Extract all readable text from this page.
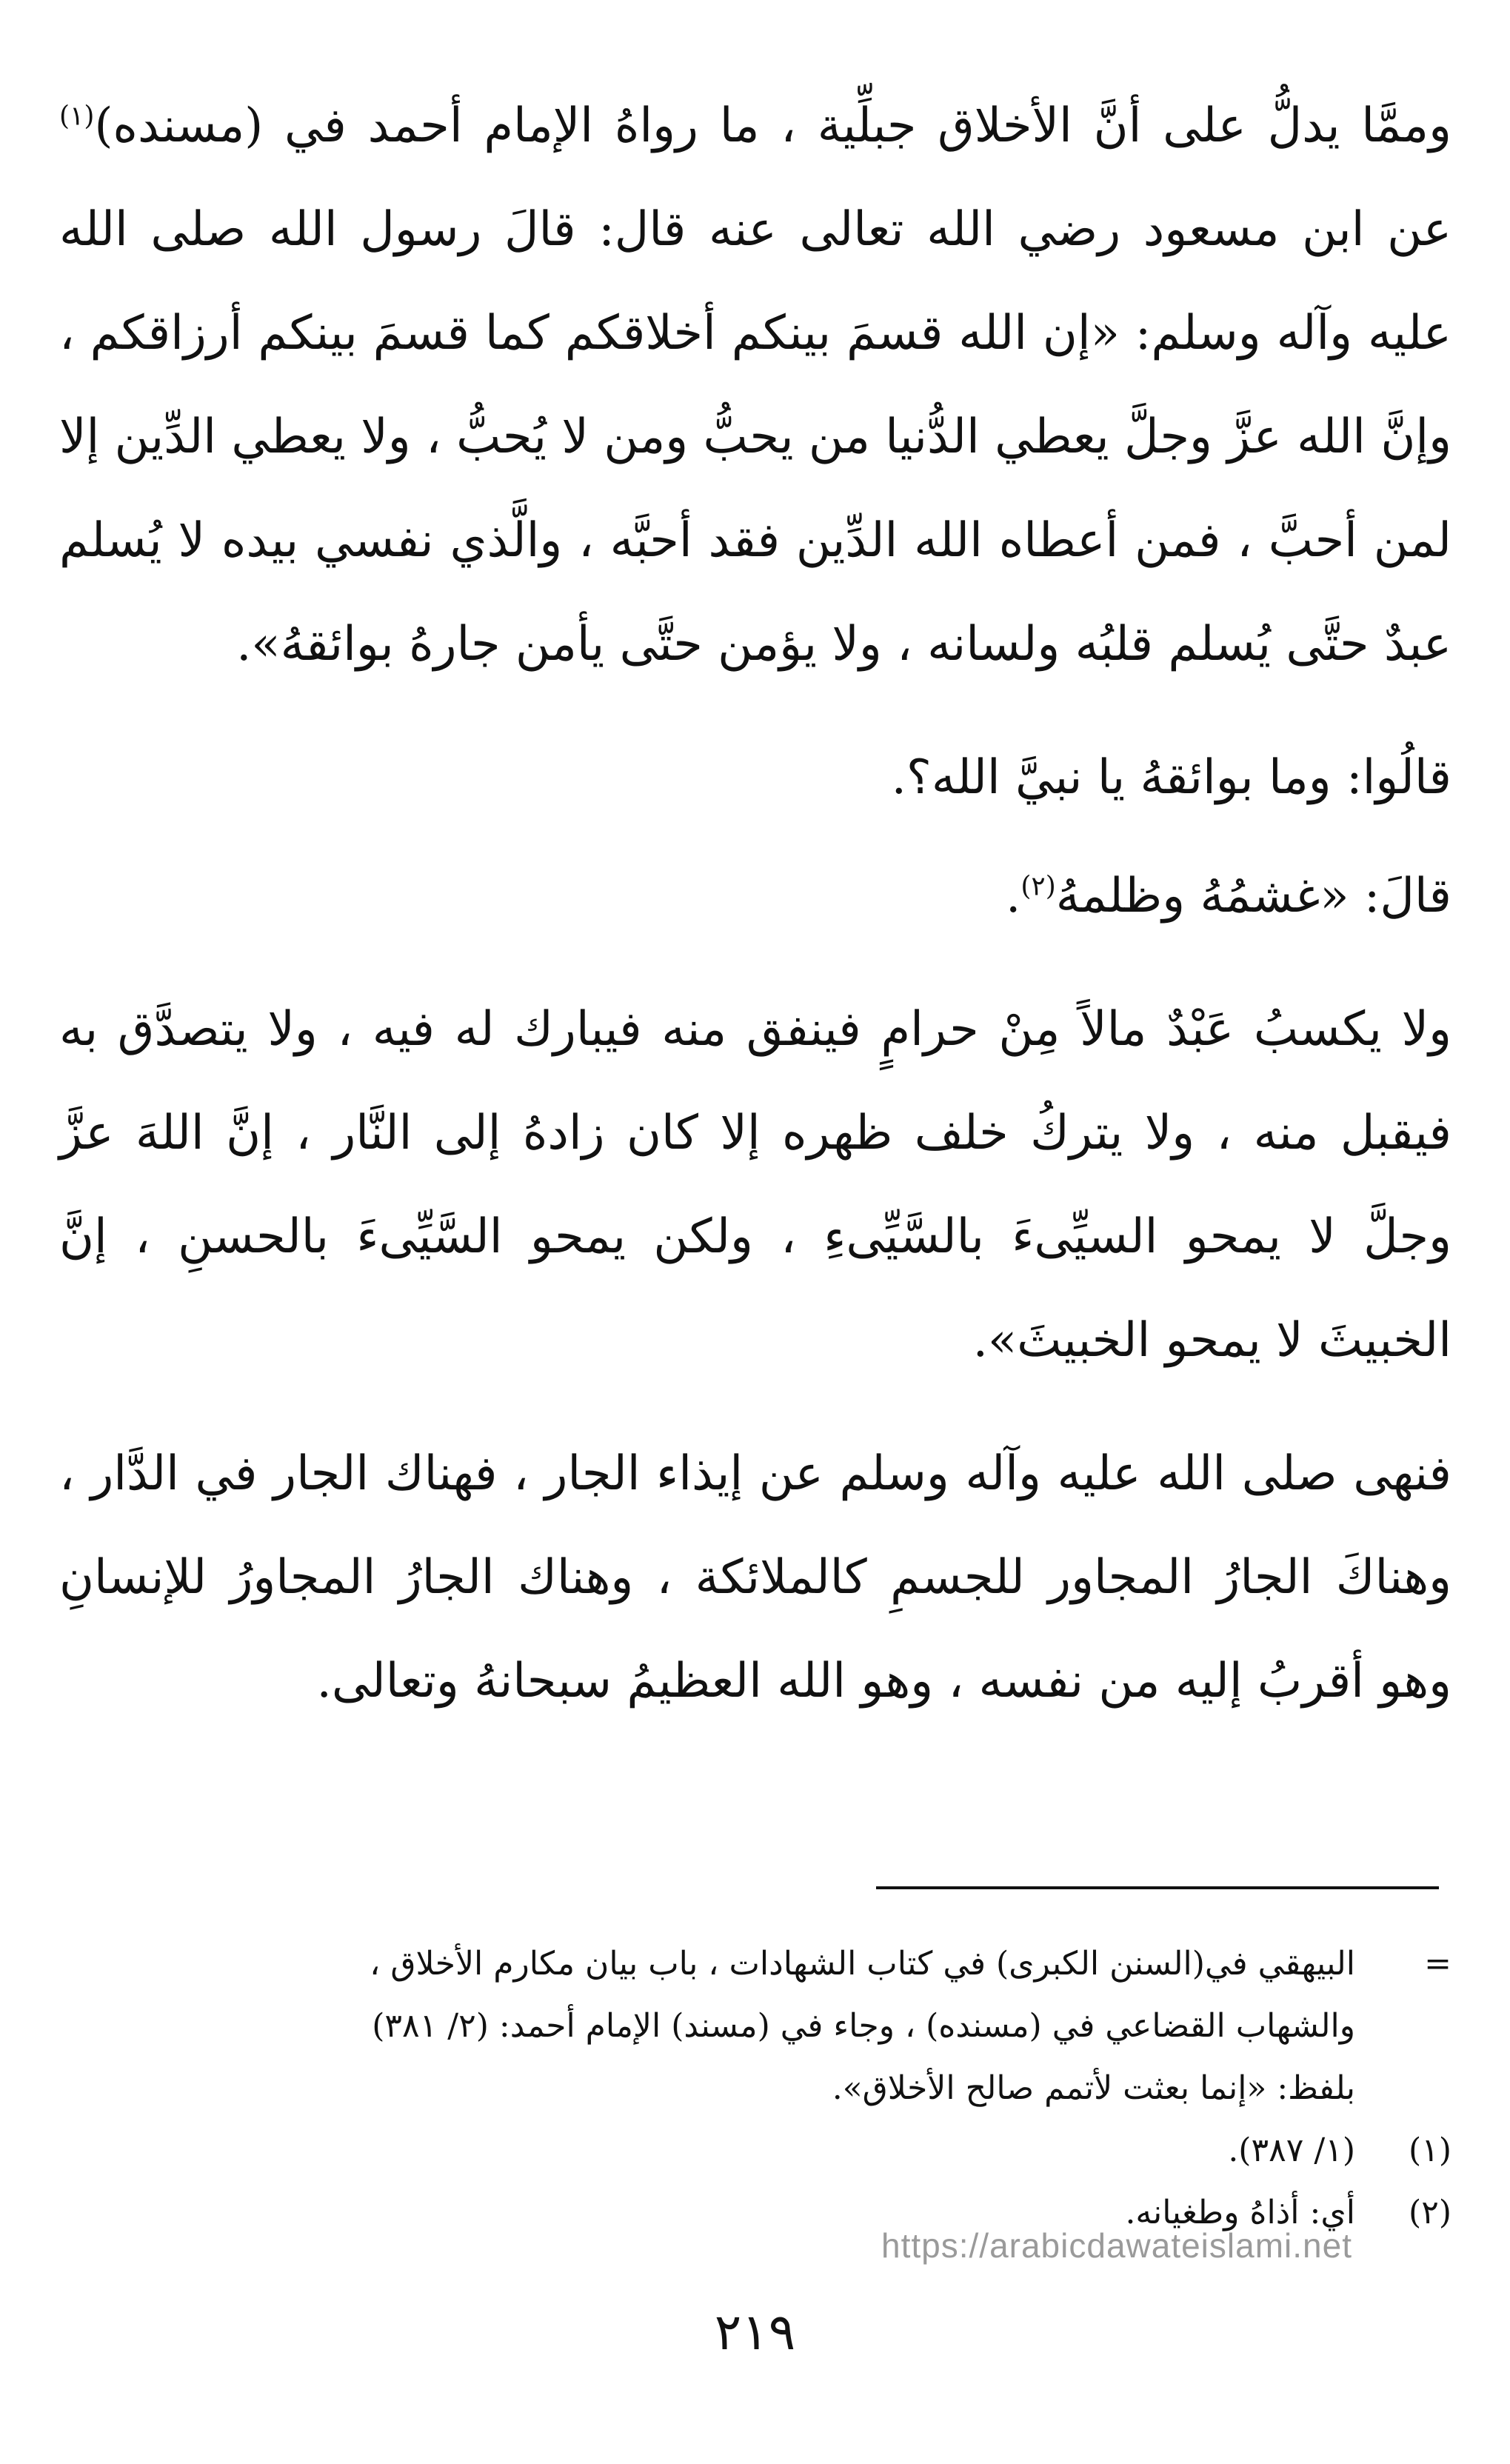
وممَّا يدلُّ على أنَّ الأخلاق جبلِّية ، ما رواهُ الإمام أحمد في (مسنده)$^{(١)}$ عن ابن مسعود رضي الله تعالى عنه قال: قالَ رسول الله صلى الله عليه وآله وسلم: «إن الله قسمَ بينكم أخلاقكم كما قسمَ بينكم أرزاقكم ، وإنَّ الله عزَّ وجلَّ يعطي الدُّنيا من يحبُّ ومن لا يُحبُّ ، ولا يعطي الدِّين إلا لمن أحبَّ ، فمن أعطاه الله الدِّين فقد أحبَّه ، والَّذي نفسي بيده لا يُسلم عبدٌ حتَّى يُسلم قلبُه ولسانه ، ولا يؤمن حتَّى يأمن جارهُ بوائقهُ».

قالُوا: وما بوائقهُ يا نبيَّ الله؟.

قالَ: «غشمُهُ وظلمهُ$^{(٢)}$.

ولا يكسبُ عَبْدٌ مالاً مِنْ حرامٍ فينفق منه فيبارك له فيه ، ولا يتصدَّق به فيقبل منه ، ولا يتركُ خلف ظهره إلا كان زادهُ إلى النَّار ، إنَّ اللهَ عزَّ وجلَّ لا يمحو السيِّىءَ بالسَّيِّىءِ ، ولكن يمحو السَّيِّىءَ بالحسنِ ، إنَّ الخبيثَ لا يمحو الخبيثَ».

فنهى صلى الله عليه وآله وسلم عن إيذاء الجار ، فهناك الجار في الدَّار ، وهناكَ الجارُ المجاور للجسمِ كالملائكة ، وهناك الجارُ المجاورُ للإنسانِ وهو أقربُ إليه من نفسه ، وهو الله العظيمُ سبحانهُ وتعالى.

=
البيهقي في(السنن الكبرى) في كتاب الشهادات ، باب بيان مكارم الأخلاق ،
والشهاب القضاعي في (مسنده) ، وجاء في (مسند) الإمام أحمد: (٢/ ٣٨١)
بلفظ: «إنما بعثت لأتمم صالح الأخلاق».
(١)
(١/ ٣٨٧).
(٢)
أي: أذاهُ وطغيانه.
https://arabicdawateislami.net
٢١٩
